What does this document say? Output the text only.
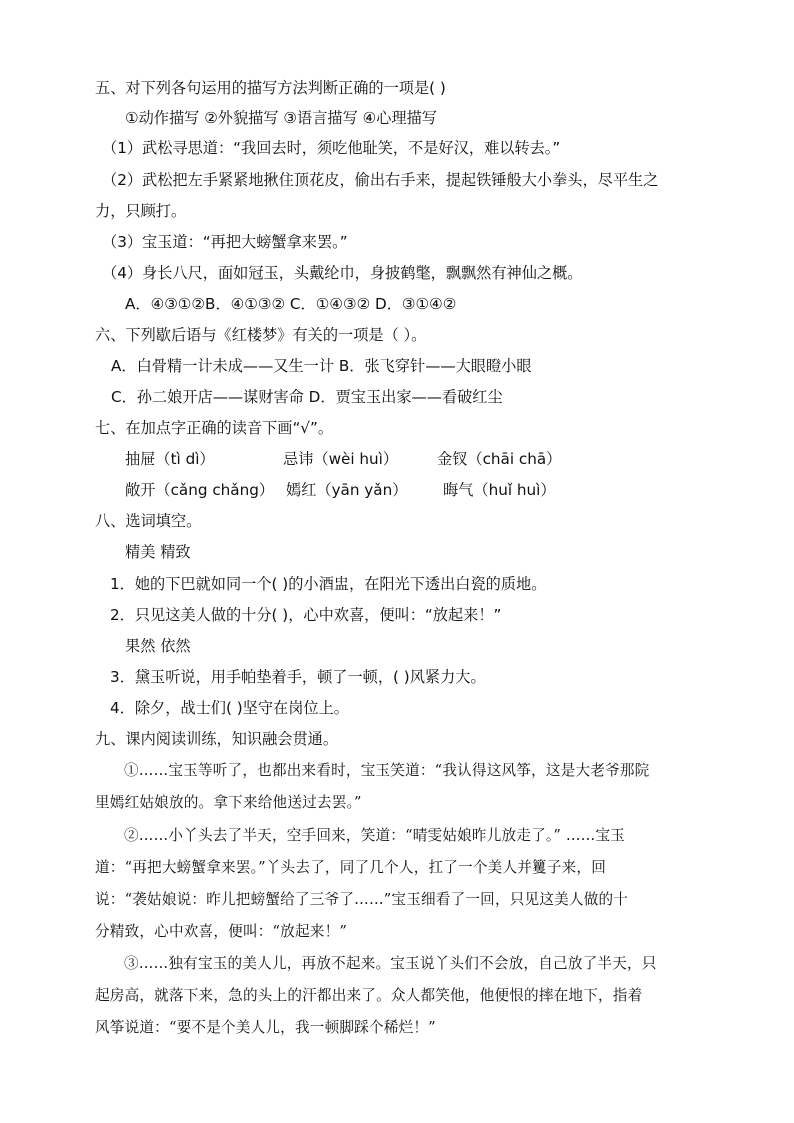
五、对下列各句运用的描写方法判断正确的一项是( )
①动作描写 ②外貌描写 ③语言描写 ④心理描写
（1）武松寻思道：“我回去时，须吃他耻笑，不是好汉，难以转去。”
（2）武松把左手紧紧地揪住顶花皮，偷出右手来，提起铁锤般大小拳头，尽平生之
力，只顾打。
（3）宝玉道：“再把大螃蟹拿来罢。”
（4）身长八尺，面如冠玉，头戴纶巾，身披鹤氅，飘飘然有神仙之概。
A．④③①②B．④①③② C．①④③② D．③①④②
六、下列歇后语与《红楼梦》有关的一项是（ ）。
A．白骨精一计未成——又生一计 B．张飞穿针——大眼瞪小眼
C．孙二娘开店——谋财害命 D．贾宝玉出家——看破红尘
七、在加点字正确的读音下画“√”。
抽屉（tì dì）	忌讳（wèi huì）	金钗（chāi chā）
敞开（cǎng chǎng） 嫣红（yān yǎn） 晦气（huǐ huì）
八、选词填空。
精美 精致
1．她的下巴就如同一个( )的小酒盅，在阳光下透出白瓷的质地。
2．只见这美人做的十分( )，心中欢喜，便叫：“放起来！”
果然 依然
3．黛玉听说，用手帕垫着手，顿了一顿，( )风紧力大。
4．除夕，战士们( )坚守在岗位上。
九、课内阅读训练，知识融会贯通。
①……宝玉等听了，也都出来看时，宝玉笑道：“我认得这风筝，这是大老爷那院
里嫣红姑娘放的。拿下来给他送过去罢。”
②……小丫头去了半天，空手回来，笑道：“晴雯姑娘昨儿放走了。” ……宝玉
道：“再把大螃蟹拿来罢。”丫头去了，同了几个人，扛了一个美人并籰子来，回
说：“袭姑娘说：昨儿把螃蟹给了三爷了……”宝玉细看了一回，只见这美人做的十
分精致，心中欢喜，便叫：“放起来！”
③……独有宝玉的美人儿，再放不起来。宝玉说丫头们不会放，自己放了半天，只
起房高，就落下来，急的头上的汗都出来了。众人都笑他，他便恨的摔在地下，指着
风筝说道：“要不是个美人儿，我一顿脚踩个稀烂！”
